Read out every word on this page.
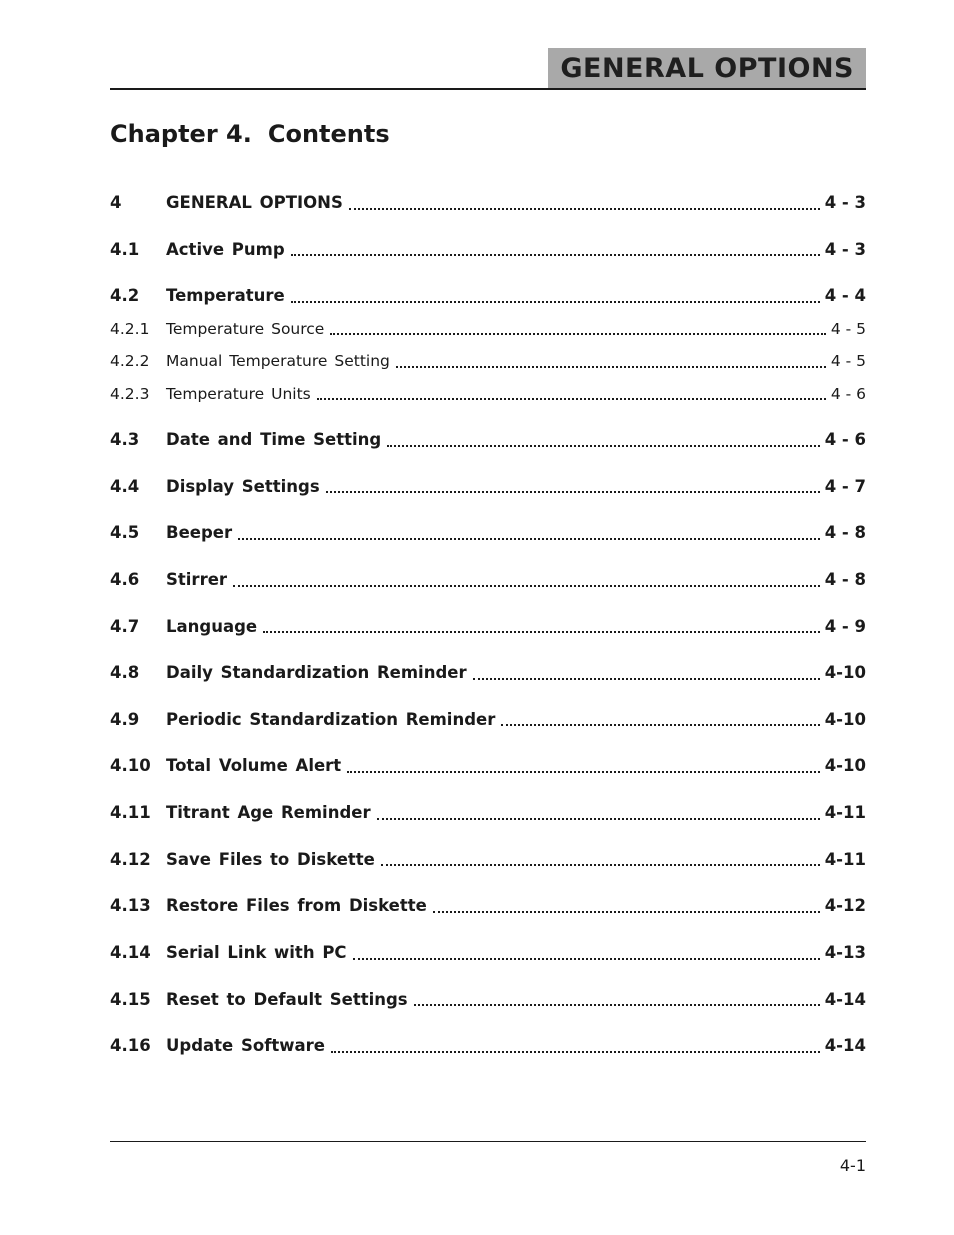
GENERAL OPTIONS
Chapter 4. Contents
4	GENERAL OPTIONS	4 - 3
4.1	Active Pump	4 - 3
4.2	Temperature	4 - 4
4.2.1	Temperature Source	4 - 5
4.2.2	Manual Temperature Setting	4 - 5
4.2.3	Temperature Units	4 - 6
4.3	Date and Time Setting	4 - 6
4.4	Display Settings	4 - 7
4.5	Beeper	4 - 8
4.6	Stirrer	4 - 8
4.7	Language	4 - 9
4.8	Daily Standardization Reminder	4-10
4.9	Periodic Standardization Reminder	4-10
4.10 Total Volume Alert	4-10
4.11 Titrant Age Reminder	4-11
4.12 Save Files to Diskette	4-11
4.13 Restore Files from Diskette	4-12
4.14 Serial Link with PC	4-13
4.15 Reset to Default Settings	4-14
4.16 Update Software	4-14
4-1
